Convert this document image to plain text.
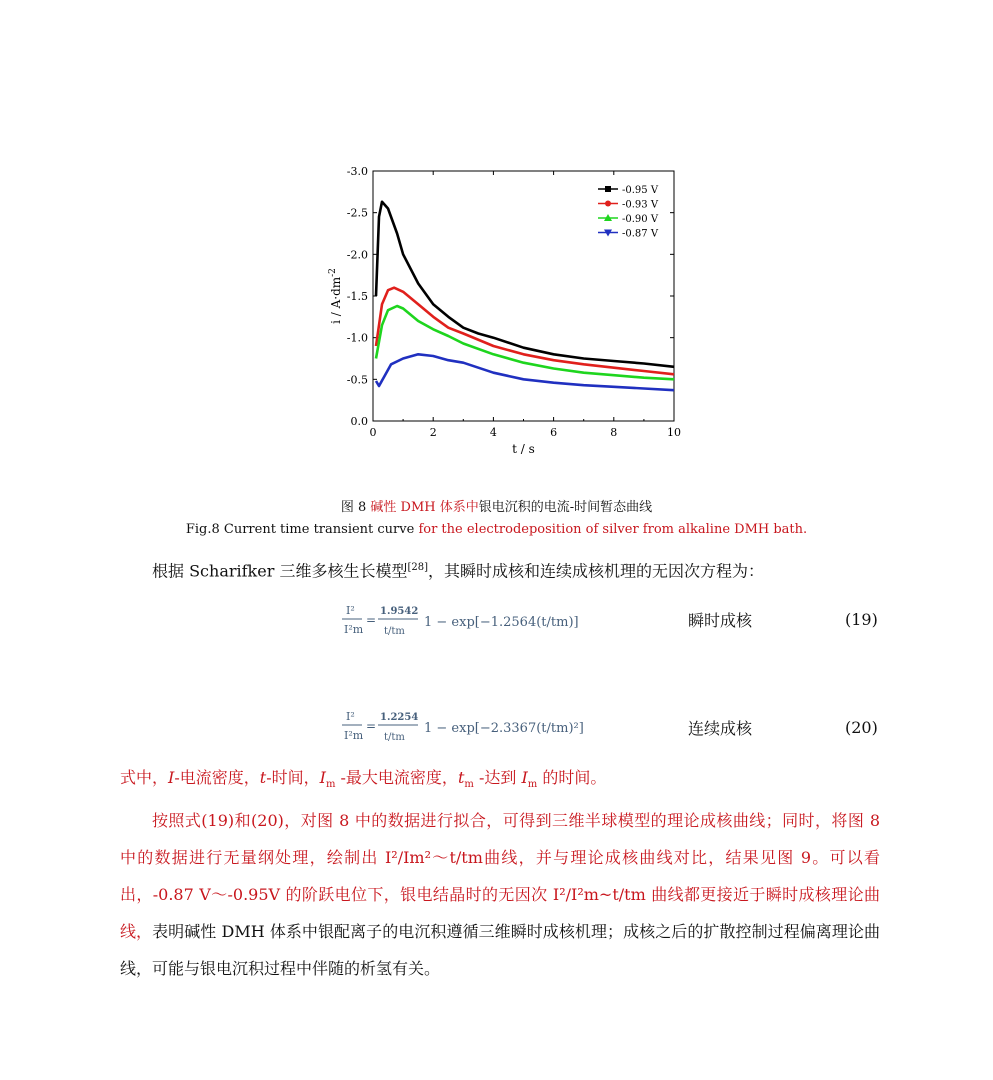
0	2	4	6	8	10
0.0
-0.5
-1.0
-1.5
-2.0
-2.5
-3.0
t / s
$i / A\cdot dm^{-2}$
-0.95 V
-0.93 V
-0.90 V
-0.87 V
图 8 碱性 DMH 体系中银电沉积的电流-时间暂态曲线
Fig.8 Current time transient curve for the electrodeposition of silver from alkaline DMH bath.
根据 Scharifker 三维多核生长模型[28]，其瞬时成核和连续成核机理的无因次方程为：
I²
I²m
=
1.9542
t/tm
1 − exp[−1.2564(t/tm)]	瞬时成核	(19)
I²
I²m
=
1.2254
t/tm
1 − exp[−2.3367(t/tm)²]	连续成核	(20)
式中，I-电流密度，t-时间，$I_m$ -最大电流密度，$t_m$ -达到 $I_m$ 的时间。
按照式(19)和(20)，对图 8 中的数据进行拟合，可得到三维半球模型的理论成核曲线；同时，将图 8 中的数据进行无量纲处理，绘制出 I²/Im²～t/tm曲线，并与理论成核曲线对比，结果见图 9。可以看出，-0.87 V～-0.95V 的阶跃电位下，银电结晶时的无因次 I²/I²m~t/tm 曲线都更接近于瞬时成核理论曲线，表明碱性 DMH 体系中银配离子的电沉积遵循三维瞬时成核机理；成核之后的扩散控制过程偏离理论曲线，可能与银电沉积过程中伴随的析氢有关。
